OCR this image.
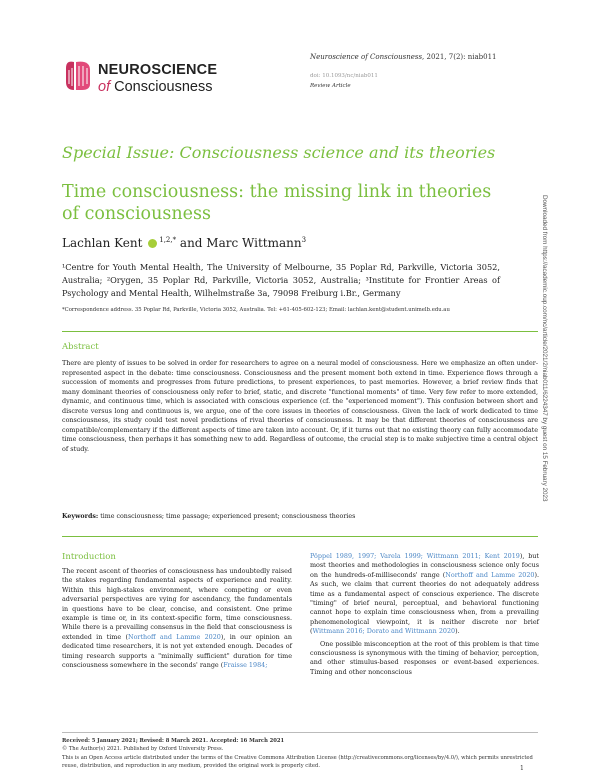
NEUROSCIENCE
of Consciousness
Neuroscience of Consciousness, 2021, 7(2): niab011
doi: 10.1093/nc/niab011
Review Article
Special Issue: Consciousness science and its theories
Time consciousness: the missing link in theories of consciousness
Lachlan Kent $^{1,2,*}$ and Marc Wittmann$^3$
¹Centre for Youth Mental Health, The University of Melbourne, 35 Poplar Rd, Parkville, Victoria 3052, Australia; ²Orygen, 35 Poplar Rd, Parkville, Victoria 3052, Australia; ³Institute for Frontier Areas of Psychology and Mental Health, Wilhelmstraße 3a, 79098 Freiburg i.Br., Germany
*Correspondence address. 35 Poplar Rd, Parkville, Victoria 3052, Australia. Tel: +61-405-602-123; Email: lachlan.kent@student.unimelb.edu.au
Abstract
There are plenty of issues to be solved in order for researchers to agree on a neural model of consciousness. Here we emphasize an often under-represented aspect in the debate: time consciousness. Consciousness and the present moment both extend in time. Experience flows through a succession of moments and progresses from future predictions, to present experiences, to past memories. However, a brief review finds that many dominant theories of consciousness only refer to brief, static, and discrete "functional moments" of time. Very few refer to more extended, dynamic, and continuous time, which is associated with conscious experience (cf. the "experienced moment"). This confusion between short and discrete versus long and continuous is, we argue, one of the core issues in theories of consciousness. Given the lack of work dedicated to time consciousness, its study could test novel predictions of rival theories of consciousness. It may be that different theories of consciousness are compatible/complementary if the different aspects of time are taken into account. Or, if it turns out that no existing theory can fully accommodate time consciousness, then perhaps it has something new to add. Regardless of outcome, the crucial step is to make subjective time a central object of study.
Keywords: time consciousness; time passage; experienced present; consciousness theories
Introduction

The recent ascent of theories of consciousness has undoubtedly raised the stakes regarding fundamental aspects of experience and reality. Within this high-stakes environment, where competing or even adversarial perspectives are vying for ascendancy, the fundamentals in questions have to be clear, concise, and consistent. One prime example is time or, in its context-specific form, time consciousness. While there is a prevailing consensus in the field that consciousness is extended in time (Northoff and Lamme 2020), in our opinion an dedicated time researchers, it is not yet extended enough. Decades of timing research supports a "minimally sufficient" duration for time consciousness somewhere in the seconds' range (Fraisse 1984;

Pöppel 1989, 1997; Varela 1999; Wittmann 2011; Kent 2019), but most theories and methodologies in consciousness science only focus on the hundreds-of-milliseconds' range (Northoff and Lamme 2020). As such, we claim that current theories do not adequately address time as a fundamental aspect of conscious experience. The discrete "timing" of brief neural, perceptual, and behavioral functioning cannot hope to explain time consciousness when, from a prevailing phenomenological viewpoint, it is neither discrete nor brief (Wittmann 2016; Dorato and Wittmann 2020).

One possible misconception at the root of this problem is that time consciousness is synonymous with the timing of behavior, perception, and other stimulus-based responses or event-based experiences. Timing and other nonconscious

Received: 5 January 2021; Revised: 8 March 2021. Accepted: 16 March 2021
© The Author(s) 2021. Published by Oxford University Press.
This is an Open Access article distributed under the terms of the Creative Commons Attribution License (http://creativecommons.org/licenses/by/4.0/), which permits unrestricted reuse, distribution, and reproduction in any medium, provided the original work is properly cited.	1
Downloaded from https://academic.oup.com/nc/article/2021/2/niab011/6224347 by guest on 15 February 2023
